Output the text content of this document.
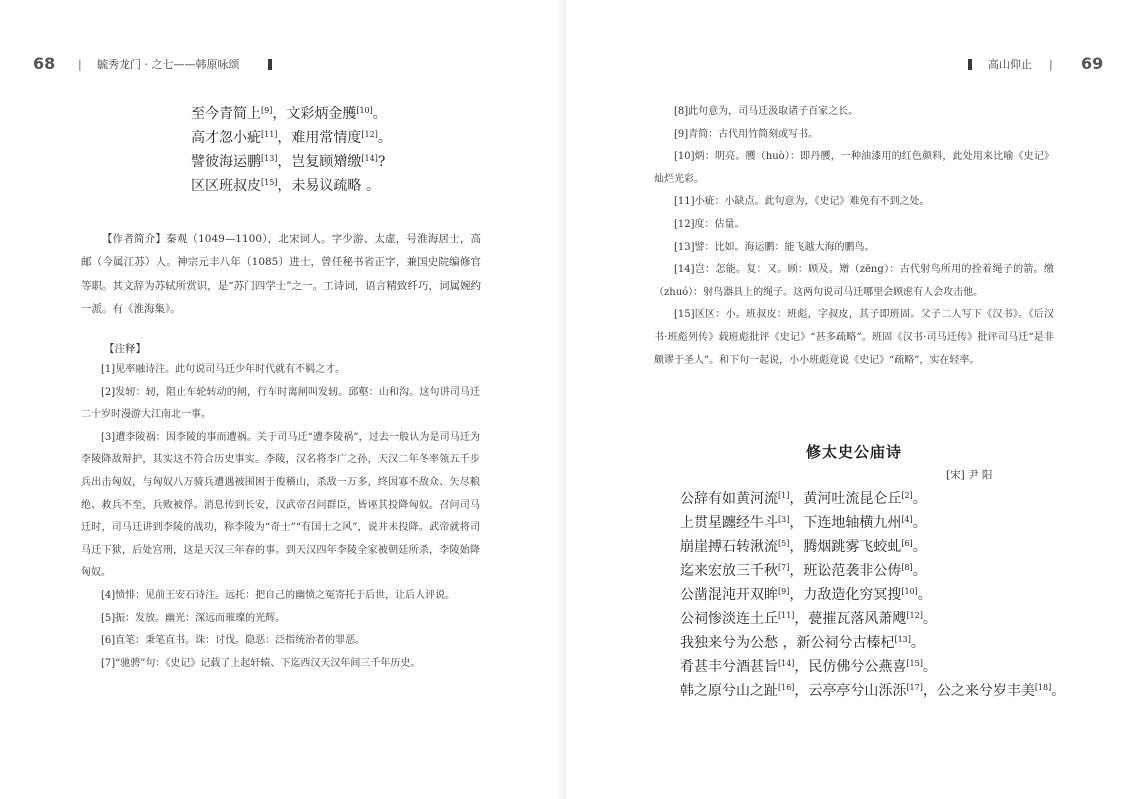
68 | 毓秀龙门 · 之七——韩原咏颂
至今青简上[9]，文彩炳金雘[10]。
高才忽小疵[11]，难用常情度[12]。
譬彼海运鹏[13]，岂复顾矰缴[14]?
区区班叔皮[15]，未易议疏略 。

【作者简介】秦观（1049—1100），北宋词人。字少游、太虚，号淮海居士，高邮（今属江苏）人。神宗元丰八年（1085）进士，曾任秘书省正字，兼国史院编修官等职。其文辞为苏轼所赏识，是“苏门四学士”之一。工诗词，语言精致纤巧，词属婉约一派。有《淮海集》。

【注释】

[1]见率融诗注。此句说司马迁少年时代就有不羁之才。

[2]发轫：轫，阻止车轮转动的闸，行车时离闸叫发轫。邱壑：山和沟。这句讲司马迁二十岁时漫游大江南北一事。

[3]遭李陵祸：因李陵的事而遭祸。关于司马迁“遭李陵祸”，过去一般认为是司马迁为李陵降敌辩护，其实这不符合历史事实。李陵，汉名将李广之孙，天汉二年冬率领五千步兵出击匈奴，与匈奴八万骑兵遭遇被围困于俊稽山，杀敌一万多，终因寡不敌众、矢尽粮绝、救兵不至，兵败被俘。消息传到长安，汉武帝召问群臣，皆诬其投降匈奴。召问司马迁时，司马迁讲到李陵的战功，称李陵为“奇士”“有国士之风”，说并未投降。武帝就将司马迁下狱，后处宫刑，这是天汉三年春的事。到天汉四年李陵全家被朝廷所杀，李陵始降匈奴。

[4]愤悱：见前王安石诗注。远托：把自己的幽愤之冤寄托于后世，让后人评说。

[5]振：发放。幽光：深远而璀璨的光辉。

[6]直笔：秉笔直书。诛：讨伐。隐恶：泛指统治者的罪恶。

[7]“驰骋”句：《史记》记载了上起轩辕、下迄西汉天汉年间三千年历史。

高山仰止 | 69

[8]此句意为，司马迁汲取诸子百家之长。

[9]青简：古代用竹简刻或写书。

[10]炳：明亮。雘（huò）：即丹雘，一种油漆用的红色颜料，此处用来比喻《史记》灿烂光彩。

[11]小疵：小缺点。此句意为，《史记》难免有不到之处。

[12]度：估量。

[13]譬：比如。海运鹏：能飞越大海的鹏鸟。

[14]岂：怎能。复：又。顾：顾及。矰（zēng）：古代射鸟所用的拴着绳子的箭。缴（zhuó）：射鸟器具上的绳子。这两句说司马迁哪里会顾虑有人会攻击他。

[15]区区：小。班叔皮：班彪，字叔皮，其子即班固。父子二人写下《汉书》。《后汉书·班彪列传》载班彪批评《史记》“甚多疏略”。班固《汉书·司马迁传》批评司马迁“是非颇谬于圣人”。和下句一起说，小小班彪竟说《史记》“疏略”，实在轻率。

修太史公庙诗
[宋] 尹 阳
公辞有如黄河流[1]，黄河吐流昆仑丘[2]。
上贯星躔经牛斗[3]，下连地轴横九州[4]。
崩崖搏石转湫流[5]，腾烟跳雾飞蛟虬[6]。
迄来宏放三千秋[7]，班讼范袭非公俦[8]。
公凿混沌开双眸[9]，力敌造化穷冥搜[10]。
公祠惨淡连土丘[11]，甍摧瓦落风萧飕[12]。
我独来兮为公愁 ，新公祠兮古榛杞[13]。
肴甚丰兮酒甚旨[14]，民仿佛兮公燕喜[15]。
韩之原兮山之趾[16]，云亭亭兮山泺泺[17]，公之来兮岁丰美[18]。
